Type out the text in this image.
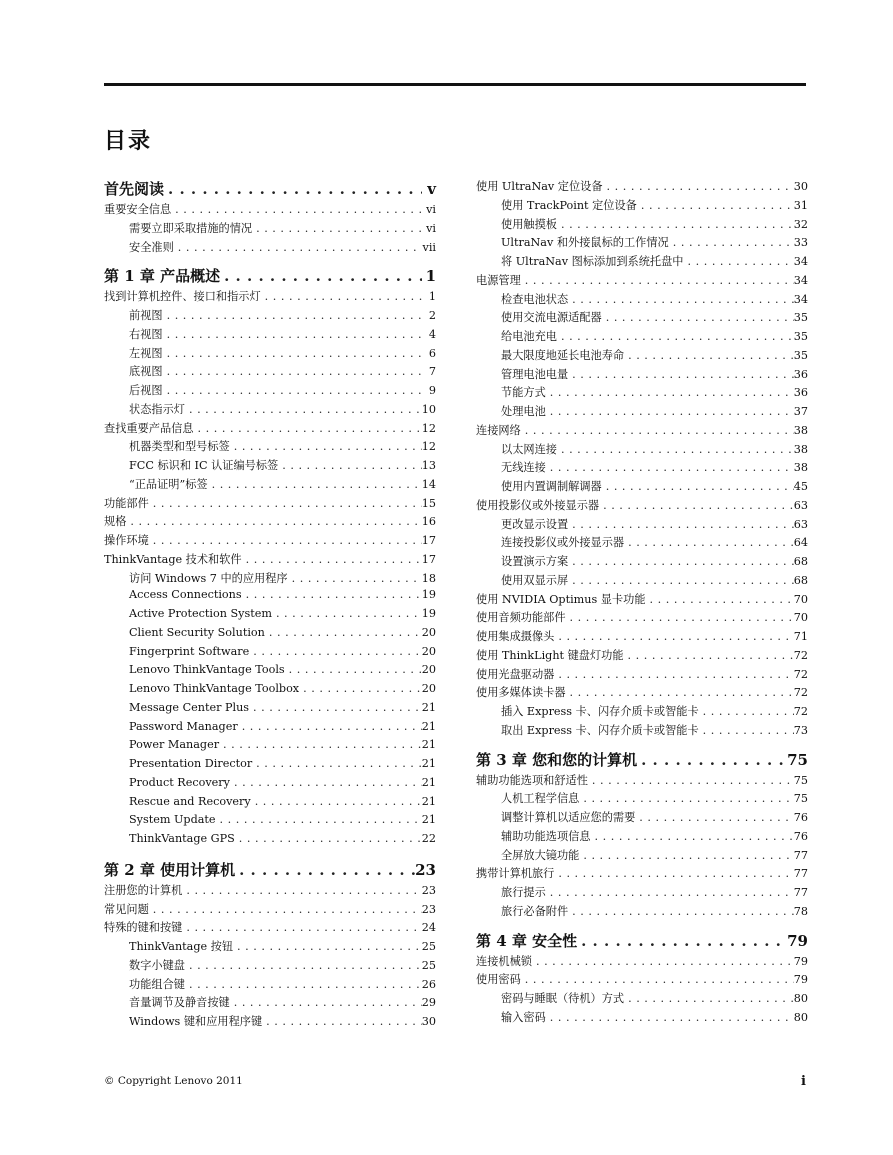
目录
首先阅读 . . .	v
重要安全信息 . . .	vi
需要立即采取措施的情况 . . .	vi
安全准则 . . .	vii
第 1 章 产品概述 . . .	1
找到计算机控件、接口和指示灯 . . .	1
前视图 . . .	2
右视图 . . .	4
左视图 . . .	6
底视图 . . .	7
后视图 . . .	9
状态指示灯 . . .	10
查找重要产品信息 . . .	12
机器类型和型号标签 . . .	12
FCC 标识和 IC 认证编号标签 . . .	13
“正品证明”标签 . . .	14
功能部件 . . .	15
规格 . . .	16
操作环境 . . .	17
ThinkVantage 技术和软件 . . .	17
访问 Windows 7 中的应用程序 . . .	18
Access Connections . . .	19
Active Protection System . . .	19
Client Security Solution . . .	20
Fingerprint Software . . .	20
Lenovo ThinkVantage Tools . . .	20
Lenovo ThinkVantage Toolbox . . .	20
Message Center Plus . . .	21
Password Manager . . .	21
Power Manager . . .	21
Presentation Director . . .	21
Product Recovery . . .	21
Rescue and Recovery . . .	21
System Update . . .	21
ThinkVantage GPS . . .	22
第 2 章 使用计算机 . . .	23
注册您的计算机 . . .	23
常见问题 . . .	23
特殊的键和按键 . . .	24
ThinkVantage 按钮 . . .	25
数字小键盘 . . .	25
功能组合键 . . .	26
音量调节及静音按键 . . .	29
Windows 键和应用程序键 . . .	30
使用 UltraNav 定位设备 . . .	30
使用 TrackPoint 定位设备 . . .	31
使用触摸板 . . .	32
UltraNav 和外接鼠标的工作情况 . . .	33
将 UltraNav 图标添加到系统托盘中 . . .	34
电源管理 . . .	34
检查电池状态 . . .	34
使用交流电源适配器 . . .	35
给电池充电 . . .	35
最大限度地延长电池寿命 . . .	35
管理电池电量 . . .	36
节能方式 . . .	36
处理电池 . . .	37
连接网络 . . .	38
以太网连接 . . .	38
无线连接 . . .	38
使用内置调制解调器 . . .	45
使用投影仪或外接显示器 . . .	63
更改显示设置 . . .	63
连接投影仪或外接显示器 . . .	64
设置演示方案 . . .	68
使用双显示屏 . . .	68
使用 NVIDIA Optimus 显卡功能 . . .	70
使用音频功能部件 . . .	70
使用集成摄像头 . . .	71
使用 ThinkLight 键盘灯功能 . . .	72
使用光盘驱动器 . . .	72
使用多媒体读卡器 . . .	72
插入 Express 卡、闪存介质卡或智能卡 . . .	72
取出 Express 卡、闪存介质卡或智能卡 . . .	73
第 3 章 您和您的计算机 . . .	75
辅助功能选项和舒适性 . . .	75
人机工程学信息 . . .	75
调整计算机以适应您的需要 . . .	76
辅助功能选项信息 . . .	76
全屏放大镜功能 . . .	77
携带计算机旅行 . . .	77
旅行提示 . . .	77
旅行必备附件 . . .	78
第 4 章 安全性 . . .	79
连接机械锁 . . .	79
使用密码 . . .	79
密码与睡眠（待机）方式 . . .	80
输入密码 . . .	80
© Copyright Lenovo 2011	i
